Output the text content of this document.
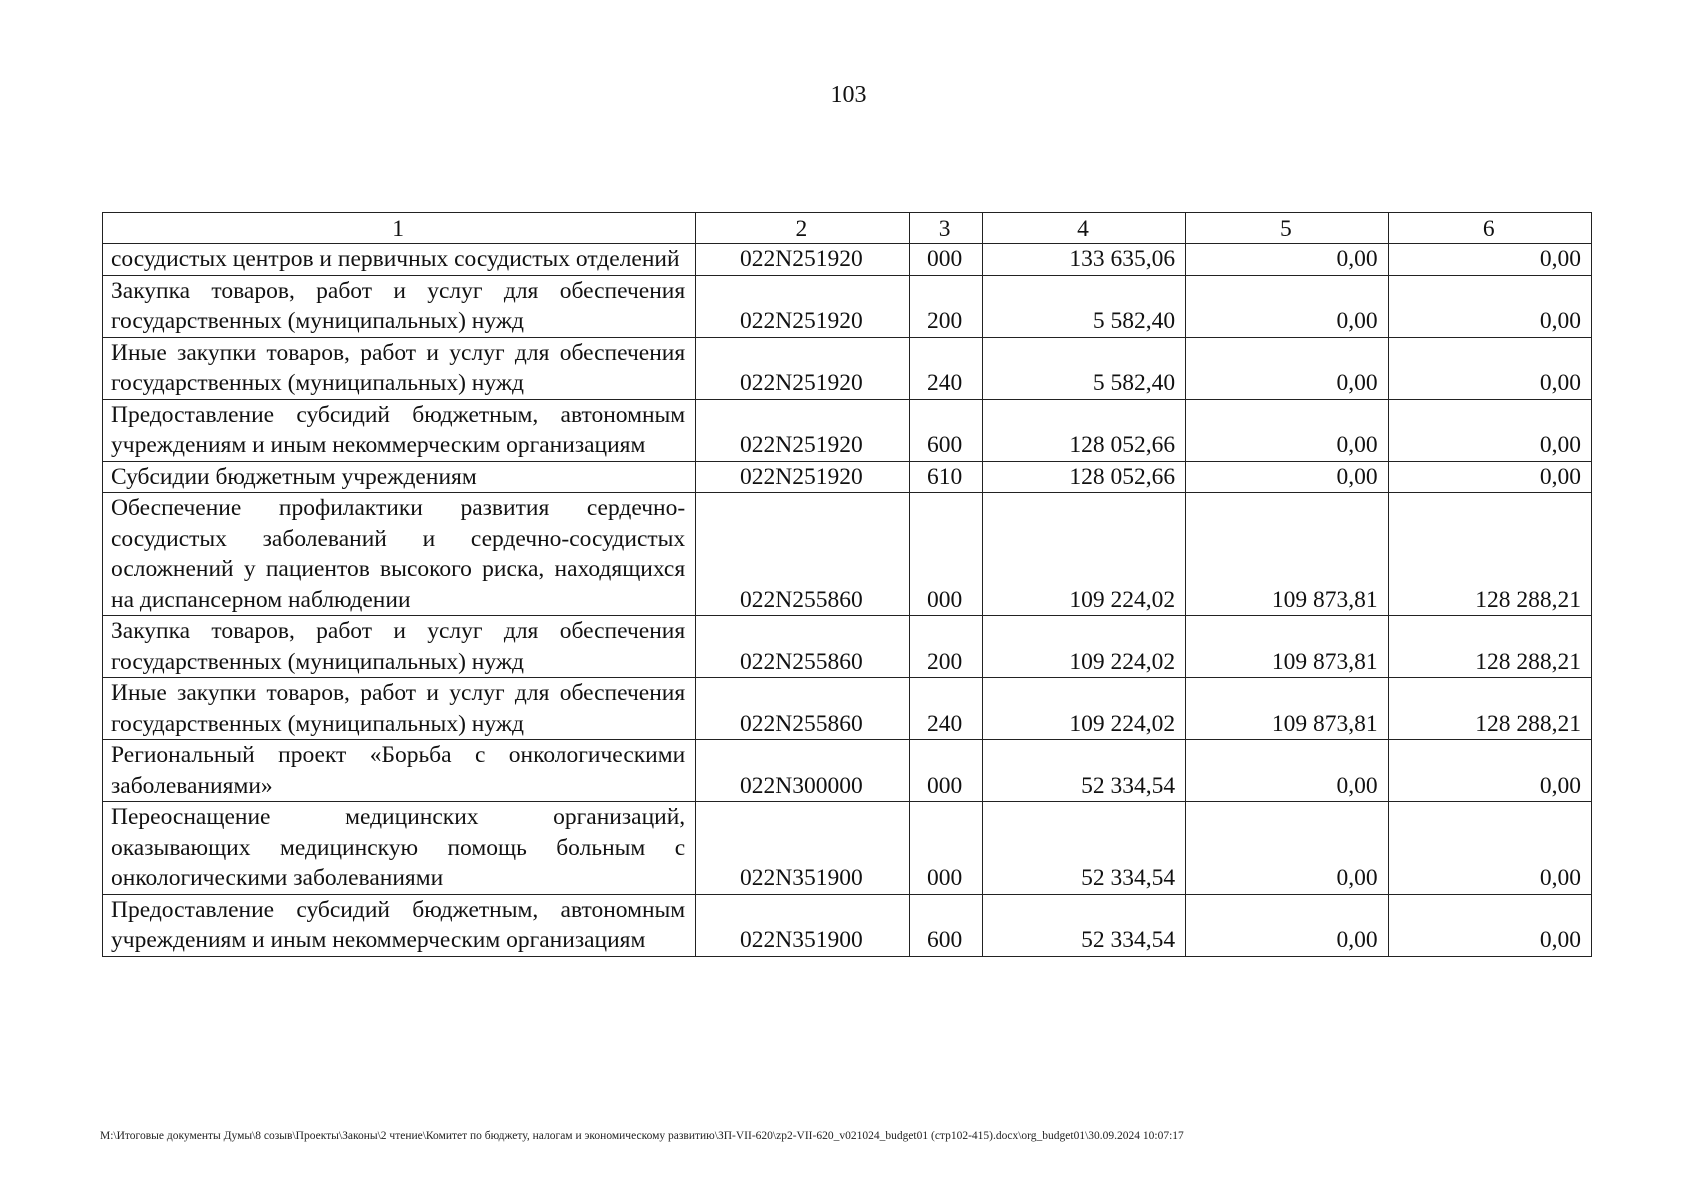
103
1	2	3	4	5	6
сосудистых центров и первичных сосудистых отделений	022N251920	000	133 635,06	0,00	0,00
Закупка товаров, работ и услуг для обеспечения государственных (муниципальных) нужд	022N251920	200	5 582,40	0,00	0,00
Иные закупки товаров, работ и услуг для обеспечения государственных (муниципальных) нужд	022N251920	240	5 582,40	0,00	0,00
Предоставление субсидий бюджетным, автономным учреждениям и иным некоммерческим организациям	022N251920	600	128 052,66	0,00	0,00
Субсидии бюджетным учреждениям	022N251920	610	128 052,66	0,00	0,00
Обеспечение профилактики развития сердечно-сосудистых заболеваний и сердечно-сосудистых осложнений у пациентов высокого риска, находящихся на диспансерном наблюдении	022N255860	000	109 224,02	109 873,81	128 288,21
Закупка товаров, работ и услуг для обеспечения государственных (муниципальных) нужд	022N255860	200	109 224,02	109 873,81	128 288,21
Иные закупки товаров, работ и услуг для обеспечения государственных (муниципальных) нужд	022N255860	240	109 224,02	109 873,81	128 288,21
Региональный проект «Борьба с онкологическими заболеваниями»	022N300000	000	52 334,54	0,00	0,00
Переоснащение медицинских организаций, оказывающих медицинскую помощь больным с онкологическими заболеваниями	022N351900	000	52 334,54	0,00	0,00
Предоставление субсидий бюджетным, автономным учреждениям и иным некоммерческим организациям	022N351900	600	52 334,54	0,00	0,00
M:\Итоговые документы Думы\8 созыв\Проекты\Законы\2 чтение\Комитет по бюджету, налогам и экономическому развитию\ЗП-VII-620\zp2-VII-620_v021024_budget01 (стр102-415).docx\org_budget01\30.09.2024 10:07:17
